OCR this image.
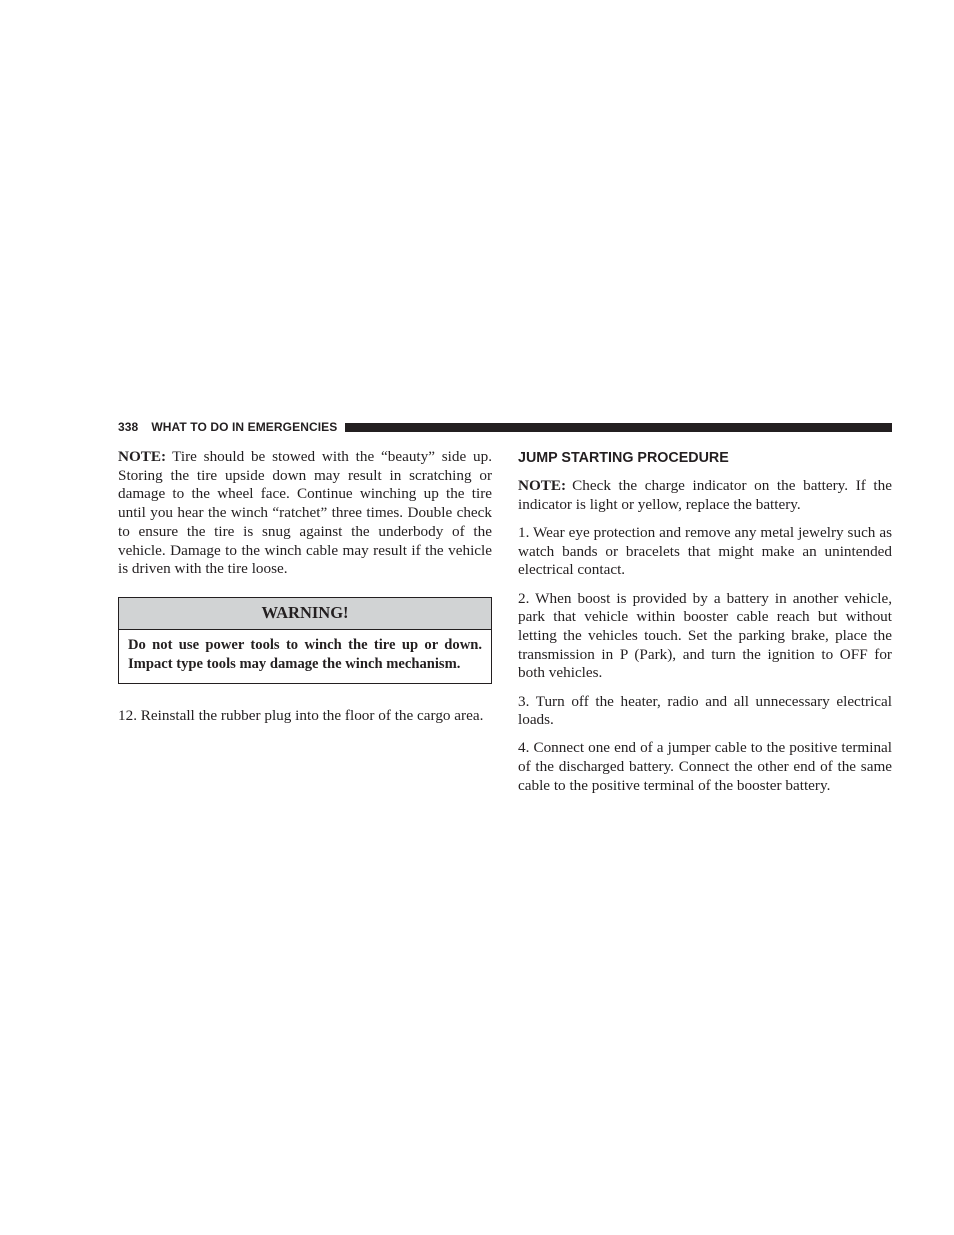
338 WHAT TO DO IN EMERGENCIES

NOTE: Tire should be stowed with the “beauty” side up. Storing the tire upside down may result in scratching or damage to the wheel face. Continue winching up the tire until you hear the winch “ratchet” three times. Double check to ensure the tire is snug against the underbody of the vehicle. Damage to the winch cable may result if the vehicle is driven with the tire loose.

WARNING!
Do not use power tools to winch the tire up or down. Impact type tools may damage the winch mechanism.

12. Reinstall the rubber plug into the floor of the cargo area.

JUMP STARTING PROCEDURE

NOTE: Check the charge indicator on the battery. If the indicator is light or yellow, replace the battery.

1. Wear eye protection and remove any metal jewelry such as watch bands or bracelets that might make an unintended electrical contact.

2. When boost is provided by a battery in another vehicle, park that vehicle within booster cable reach but without letting the vehicles touch. Set the parking brake, place the transmission in P (Park), and turn the ignition to OFF for both vehicles.

3. Turn off the heater, radio and all unnecessary electrical loads.

4. Connect one end of a jumper cable to the positive terminal of the discharged battery. Connect the other end of the same cable to the positive terminal of the booster battery.
